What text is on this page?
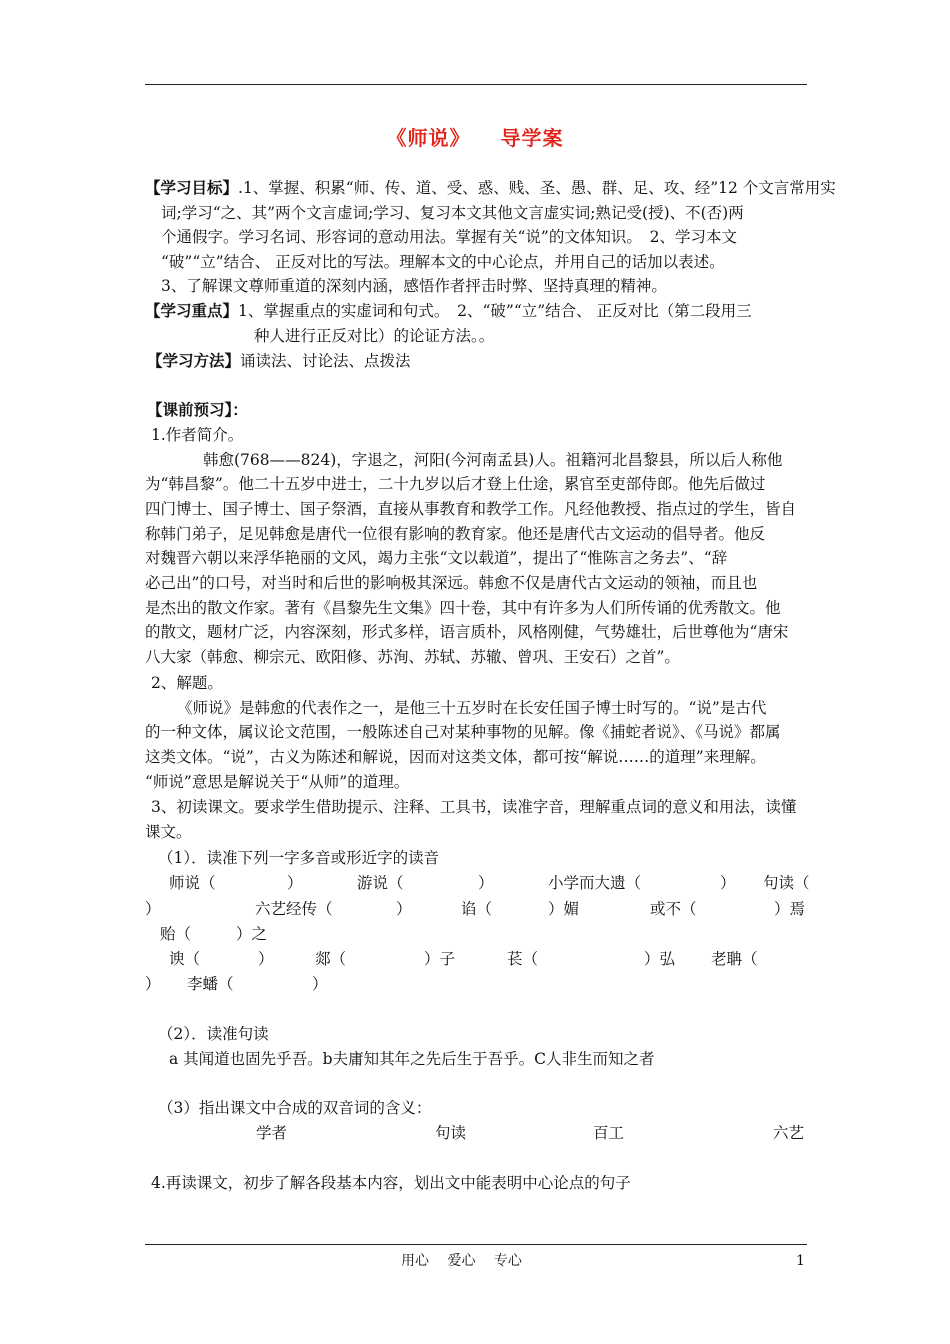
《师说》 导学案
【学习目标】.1、掌握、积累“师、传、道、受、惑、贱、圣、愚、群、足、攻、经”12 个文言常用实
词;学习“之、其”两个文言虚词;学习、复习本文其他文言虚实词;熟记受(授)、不(否)两
个通假字。学习名词、形容词的意动用法。掌握有关“说”的文体知识。　2、学习本文
“破”“立”结合、 正反对比的写法。理解本文的中心论点，并用自己的话加以表述。
3、了解课文尊师重道的深刻内涵，感悟作者抨击时弊、坚持真理的精神。
【学习重点】1、掌握重点的实虚词和句式。　2、“破”“立”结合、 正反对比（第二段用三
种人进行正反对比）的论证方法。。
【学习方法】诵读法、讨论法、点拨法
【课前预习】：
1.作者简介。
韩愈(768——824)，字退之，河阳(今河南孟县)人。祖籍河北昌黎县，所以后人称他
为“韩昌黎”。他二十五岁中进士，二十九岁以后才登上仕途，累官至吏部侍郎。他先后做过
四门博士、国子博士、国子祭酒，直接从事教育和教学工作。凡经他教授、指点过的学生，皆自
称韩门弟子，足见韩愈是唐代一位很有影响的教育家。他还是唐代古文运动的倡导者。他反
对魏晋六朝以来浮华艳丽的文风，竭力主张“文以载道”，提出了“惟陈言之务去”、“辞
必己出”的口号，对当时和后世的影响极其深远。韩愈不仅是唐代古文运动的领袖，而且也
是杰出的散文作家。著有《昌黎先生文集》四十卷，其中有许多为人们所传诵的优秀散文。他
的散文，题材广泛，内容深刻，形式多样，语言质朴，风格刚健，气势雄壮，后世尊他为“唐宋
八大家（韩愈、柳宗元、欧阳修、苏洵、苏轼、苏辙、曾巩、王安石）之首”。
2、解题。
《师说》是韩愈的代表作之一，是他三十五岁时在长安任国子博士时写的。“说”是古代
的一种文体，属议论文范围，一般陈述自己对某种事物的见解。像《捕蛇者说》、《马说》都属
这类文体。“说”，古义为陈述和解说，因而对这类文体，都可按“解说……的道理”来理解。
“师说”意思是解说关于“从师”的道理。
3、初读课文。要求学生借助提示、注释、工具书，读准字音，理解重点词的意义和用法，读懂
课文。
（1）．读准下列一字多音或形近字的读音
师说（	）	游说（	）	小学而大遗（	） 句读（
）	六艺经传（	）	谄（	）媚	或不（	）焉
贻（	）之
谀（	）	郯（	）子	苌（	）弘 老聃（
） 李蟠（	）
（2）．读准句读
a 其闻道也固先乎吾。b夫庸知其年之先后生于吾乎。C人非生而知之者
（3）指出课文中合成的双音词的含义：
学者	句读	百工	六艺
4.再读课文，初步了解各段基本内容，划出文中能表明中心论点的句子
用心　 爱心　 专心	1
